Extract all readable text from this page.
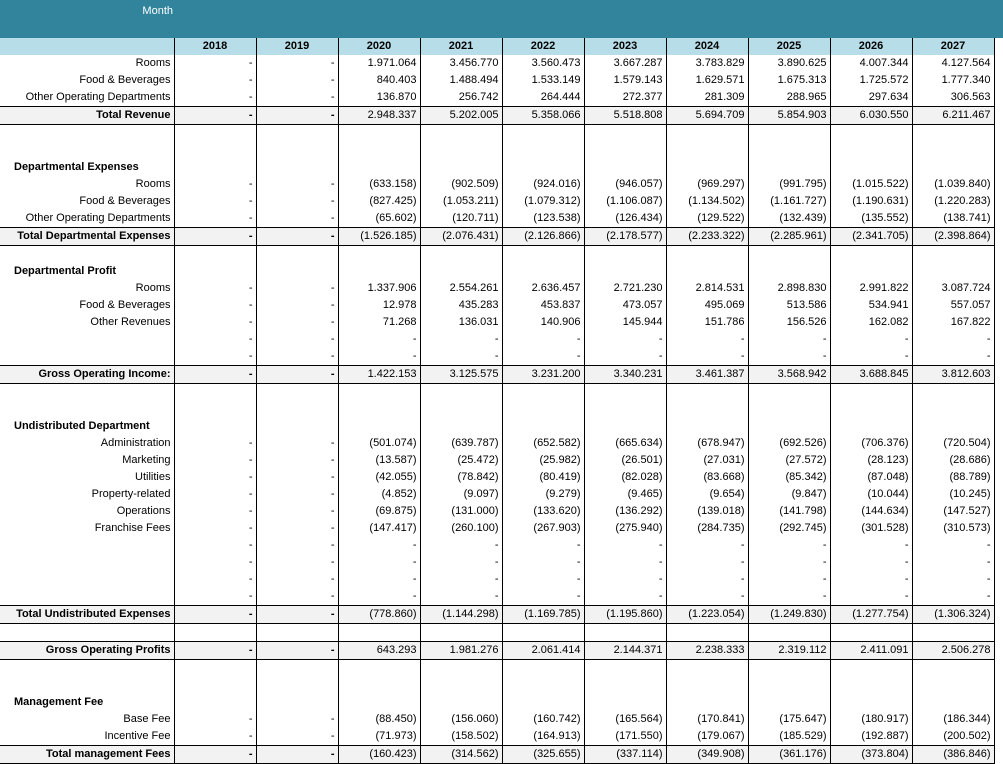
Month
	2018	2019	2020	2021	2022	2023	2024	2025	2026	2027
Rooms	-	-	1.971.064	3.456.770	3.560.473	3.667.287	3.783.829	3.890.625	4.007.344	4.127.564
Food & Beverages	-	-	840.403	1.488.494	1.533.149	1.579.143	1.629.571	1.675.313	1.725.572	1.777.340
Other Operating Departments	-	-	136.870	256.742	264.444	272.377	281.309	288.965	297.634	306.563
Total Revenue	-	-	2.948.337	5.202.005	5.358.066	5.518.808	5.694.709	5.854.903	6.030.550	6.211.467

Departmental Expenses										
Rooms	-	-	(633.158)	(902.509)	(924.016)	(946.057)	(969.297)	(991.795)	(1.015.522)	(1.039.840)
Food & Beverages	-	-	(827.425)	(1.053.211)	(1.079.312)	(1.106.087)	(1.134.502)	(1.161.727)	(1.190.631)	(1.220.283)
Other Operating Departments	-	-	(65.602)	(120.711)	(123.538)	(126.434)	(129.522)	(132.439)	(135.552)	(138.741)
Total Departmental Expenses	-	-	(1.526.185)	(2.076.431)	(2.126.866)	(2.178.577)	(2.233.322)	(2.285.961)	(2.341.705)	(2.398.864)

Departmental Profit										
Rooms	-	-	1.337.906	2.554.261	2.636.457	2.721.230	2.814.531	2.898.830	2.991.822	3.087.724
Food & Beverages	-	-	12.978	435.283	453.837	473.057	495.069	513.586	534.941	557.057
Other Revenues	-	-	71.268	136.031	140.906	145.944	151.786	156.526	162.082	167.822
	-	-	-	-	-	-	-	-	-	-
	-	-	-	-	-	-	-	-	-	-
Gross Operating Income:	-	-	1.422.153	3.125.575	3.231.200	3.340.231	3.461.387	3.568.942	3.688.845	3.812.603

Undistributed Department										
Administration	-	-	(501.074)	(639.787)	(652.582)	(665.634)	(678.947)	(692.526)	(706.376)	(720.504)
Marketing	-	-	(13.587)	(25.472)	(25.982)	(26.501)	(27.031)	(27.572)	(28.123)	(28.686)
Utilities	-	-	(42.055)	(78.842)	(80.419)	(82.028)	(83.668)	(85.342)	(87.048)	(88.789)
Property-related	-	-	(4.852)	(9.097)	(9.279)	(9.465)	(9.654)	(9.847)	(10.044)	(10.245)
Operations	-	-	(69.875)	(131.000)	(133.620)	(136.292)	(139.018)	(141.798)	(144.634)	(147.527)
Franchise Fees	-	-	(147.417)	(260.100)	(267.903)	(275.940)	(284.735)	(292.745)	(301.528)	(310.573)
	-	-	-	-	-	-	-	-	-	-
	-	-	-	-	-	-	-	-	-	-
	-	-	-	-	-	-	-	-	-	-
	-	-	-	-	-	-	-	-	-	-
Total Undistributed Expenses	-	-	(778.860)	(1.144.298)	(1.169.785)	(1.195.860)	(1.223.054)	(1.249.830)	(1.277.754)	(1.306.324)

Gross Operating Profits	-	-	643.293	1.981.276	2.061.414	2.144.371	2.238.333	2.319.112	2.411.091	2.506.278

Management Fee										
Base Fee	-	-	(88.450)	(156.060)	(160.742)	(165.564)	(170.841)	(175.647)	(180.917)	(186.344)
Incentive Fee	-	-	(71.973)	(158.502)	(164.913)	(171.550)	(179.067)	(185.529)	(192.887)	(200.502)
Total management Fees	-	-	(160.423)	(314.562)	(325.655)	(337.114)	(349.908)	(361.176)	(373.804)	(386.846)
